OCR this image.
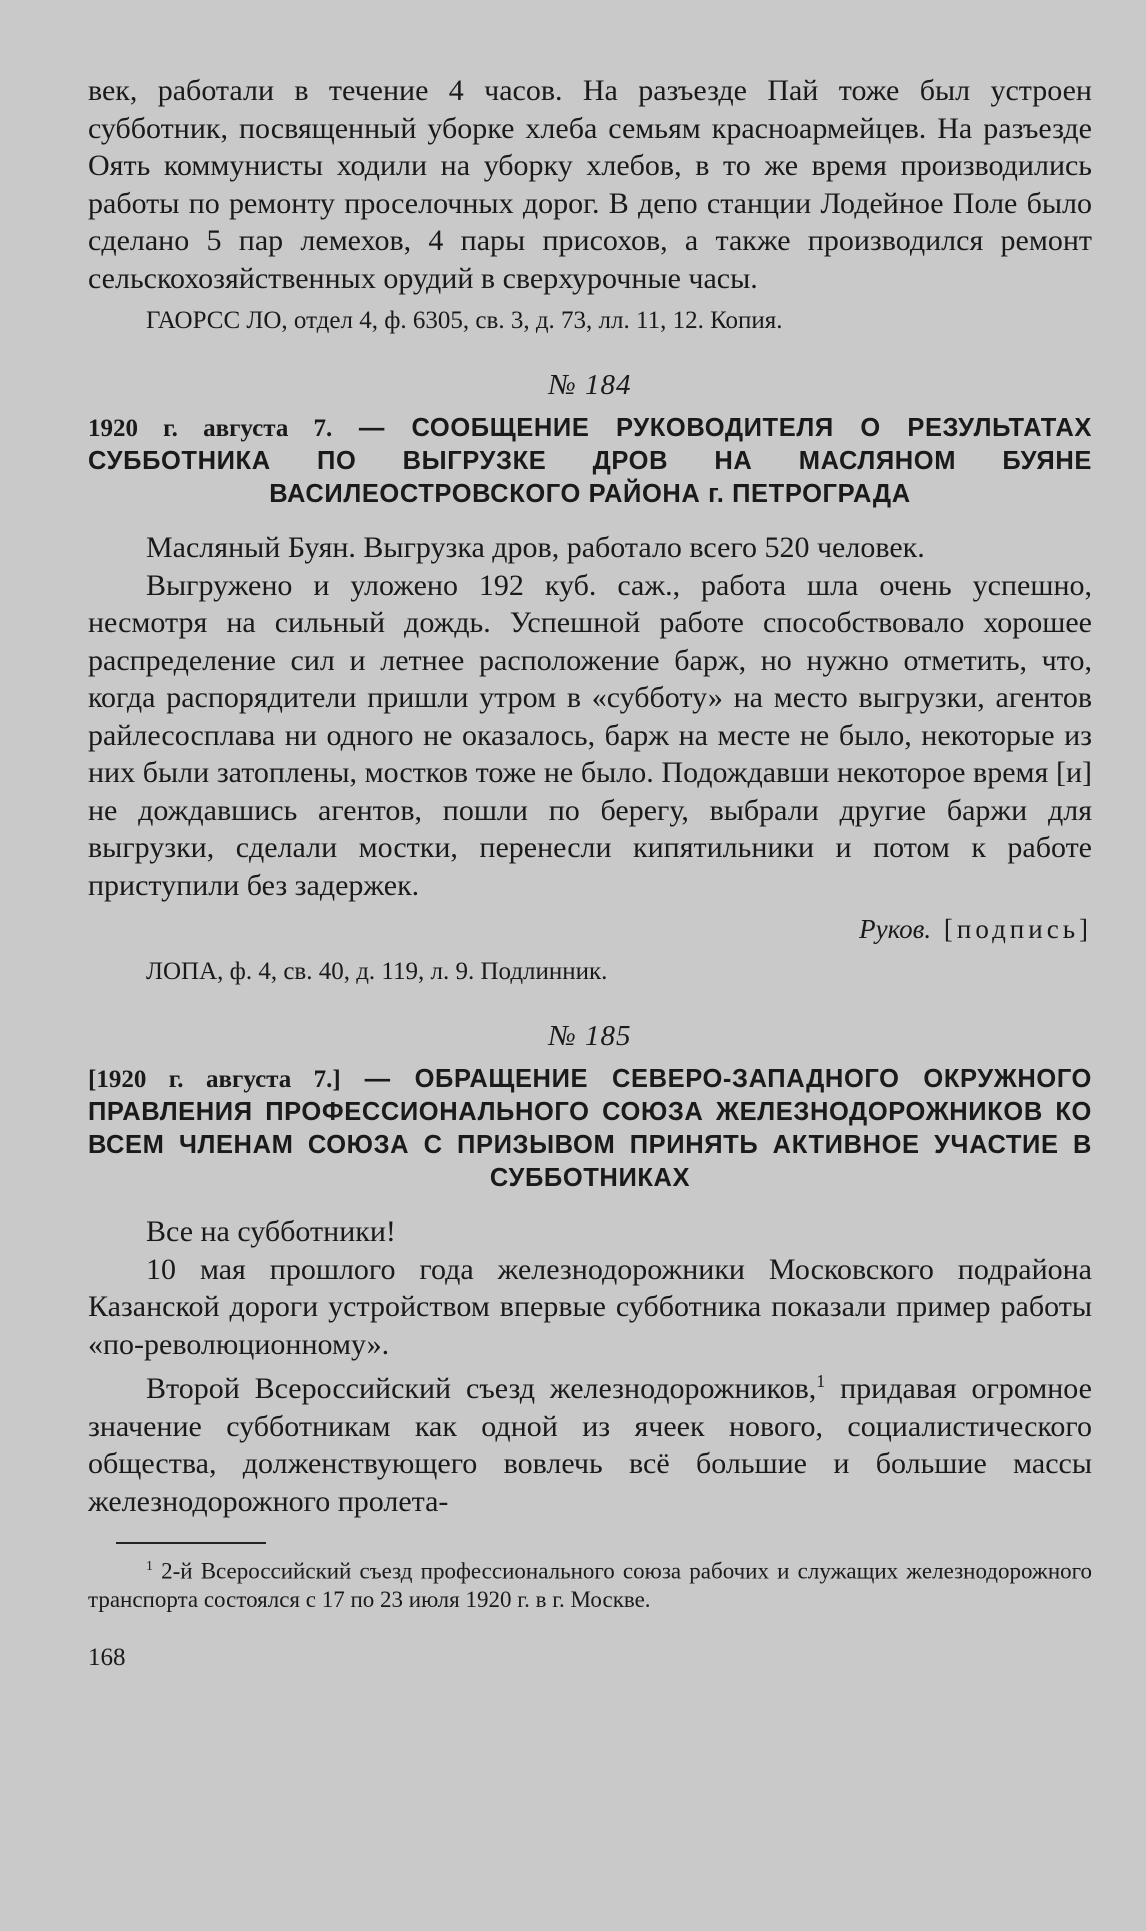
век, работали в течение 4 часов. На разъезде Пай тоже был устроен субботник, посвященный уборке хлеба семьям красноармейцев. На разъезде Оять коммунисты ходили на уборку хлебов, в то же время производились работы по ремонту проселочных дорог. В депо станции Лодейное Поле было сделано 5 пар лемехов, 4 пары присохов, а также производился ремонт сельскохозяйственных орудий в сверхурочные часы.

ГАОРСС ЛО, отдел 4, ф. 6305, св. 3, д. 73, лл. 11, 12. Копия.

№ 184
1920 г. августа 7. — СООБЩЕНИЕ РУКОВОДИТЕЛЯ О РЕЗУЛЬТАТАХ СУББОТНИКА ПО ВЫГРУЗКЕ ДРОВ НА МАСЛЯНОМ БУЯНЕ ВАСИЛЕОСТРОВСКОГО РАЙОНА г. ПЕТРОГРАДА

Масляный Буян. Выгрузка дров, работало всего 520 человек.

Выгружено и уложено 192 куб. саж., работа шла очень успешно, несмотря на сильный дождь. Успешной работе способствовало хорошее распределение сил и летнее расположение барж, но нужно отметить, что, когда распорядители пришли утром в «субботу» на место выгрузки, агентов райлесосплава ни одного не оказалось, барж на месте не было, некоторые из них были затоплены, мостков тоже не было. Подождавши некоторое время [и] не дождавшись агентов, пошли по берегу, выбрали другие баржи для выгрузки, сделали мостки, перенесли кипятильники и потом к работе приступили без задержек.

Руков. [подпись]

ЛОПА, ф. 4, св. 40, д. 119, л. 9. Подлинник.

№ 185
[1920 г. августа 7.] — ОБРАЩЕНИЕ СЕВЕРО-ЗАПАДНОГО ОКРУЖНОГО ПРАВЛЕНИЯ ПРОФЕССИОНАЛЬНОГО СОЮЗА ЖЕЛЕЗНОДОРОЖНИКОВ КО ВСЕМ ЧЛЕНАМ СОЮЗА С ПРИЗЫВОМ ПРИНЯТЬ АКТИВНОЕ УЧАСТИЕ В СУББОТНИКАХ

Все на субботники!

10 мая прошлого года железнодорожники Московского подрайона Казанской дороги устройством впервые субботника показали пример работы «по-революционному».

Второй Всероссийский съезд железнодорожников,$^1$ придавая огромное значение субботникам как одной из ячеек нового, социалистического общества, долженствующего вовлечь всё большие и большие массы железнодорожного пролета-

$^1$ 2-й Всероссийский съезд профессионального союза рабочих и служащих железнодорожного транспорта состоялся с 17 по 23 июля 1920 г. в г. Москве.

168
